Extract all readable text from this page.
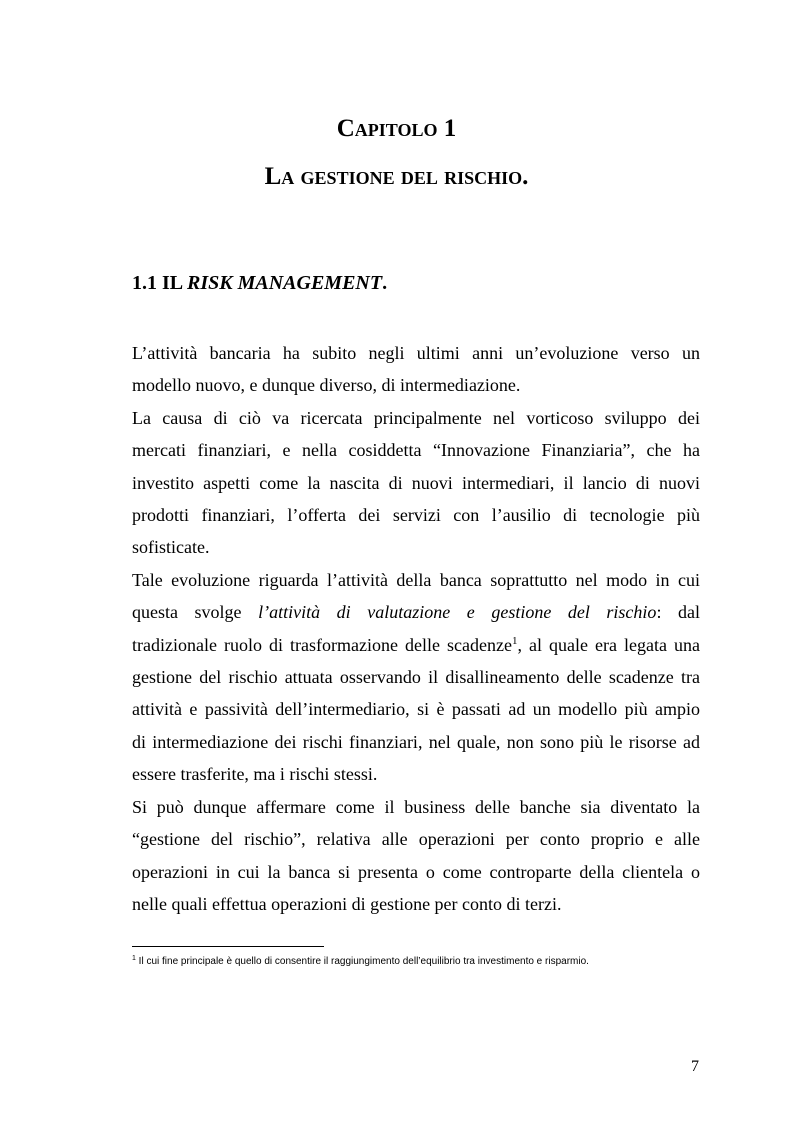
Capitolo 1
La gestione del rischio.
1.1 IL RISK MANAGEMENT.

L’attività bancaria ha subito negli ultimi anni un’evoluzione verso un
modello nuovo, e dunque diverso, di intermediazione.

La causa di ciò va ricercata principalmente nel vorticoso sviluppo dei
mercati finanziari, e nella cosiddetta “Innovazione Finanziaria”, che ha
investito aspetti come la nascita di nuovi intermediari, il lancio di nuovi
prodotti finanziari, l’offerta dei servizi con l’ausilio di tecnologie più
sofisticate.

Tale evoluzione riguarda l’attività della banca soprattutto nel modo in cui
questa svolge l’attività di valutazione e gestione del rischio: dal
tradizionale ruolo di trasformazione delle scadenze$^1$, al quale era legata una
gestione del rischio attuata osservando il disallineamento delle scadenze tra
attività e passività dell’intermediario, si è passati ad un modello più ampio
di intermediazione dei rischi finanziari, nel quale, non sono più le risorse ad
essere trasferite, ma i rischi stessi.

Si può dunque affermare come il business delle banche sia diventato la
“gestione del rischio”, relativa alle operazioni per conto proprio e alle
operazioni in cui la banca si presenta o come controparte della clientela o
nelle quali effettua operazioni di gestione per conto di terzi.

$^1$ Il cui fine principale è quello di consentire il raggiungimento dell’equilibrio tra investimento e risparmio.
7
